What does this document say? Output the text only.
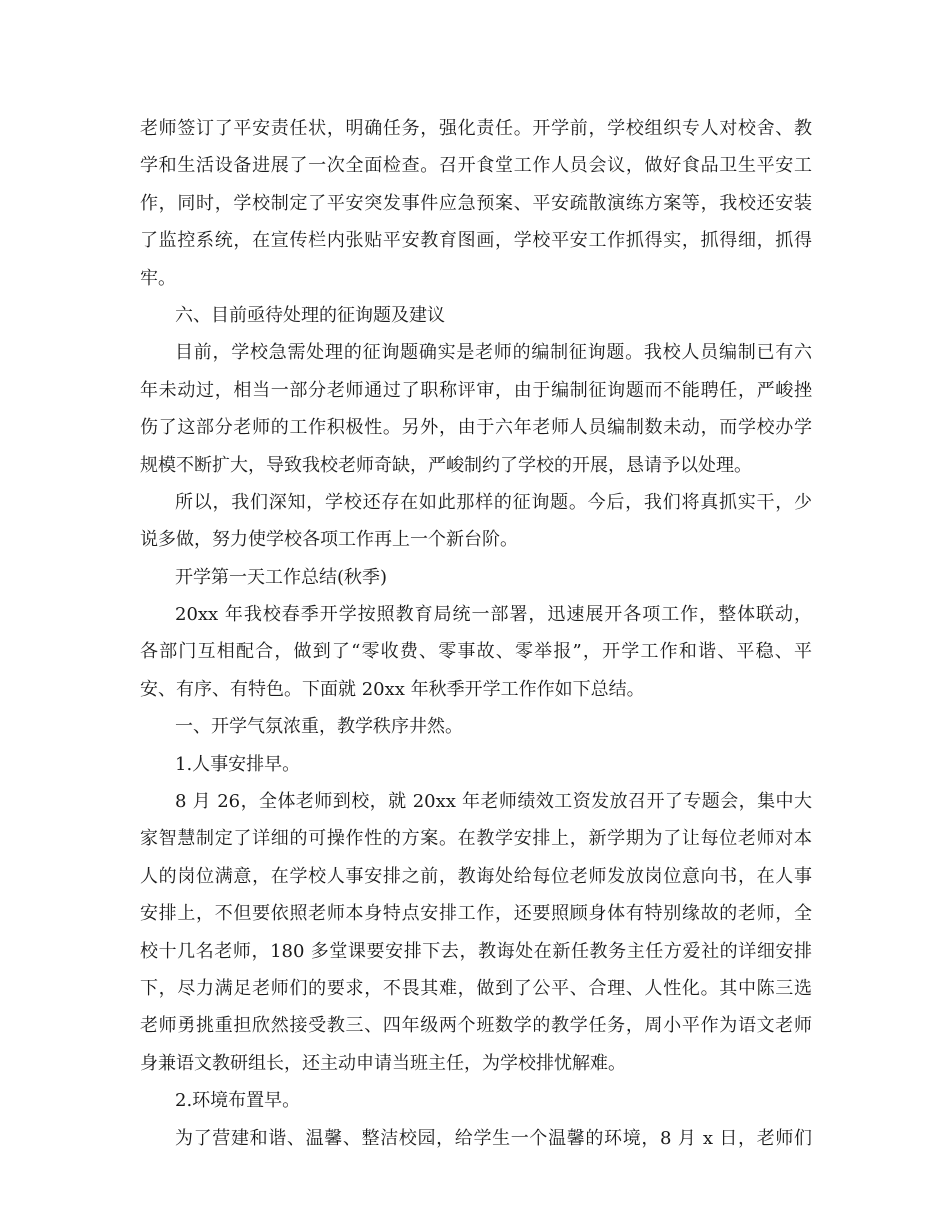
老师签订了平安责任状，明确任务，强化责任。开学前，学校组织专人对校舍、教
学和生活设备进展了一次全面检查。召开食堂工作人员会议，做好食品卫生平安工
作，同时，学校制定了平安突发事件应急预案、平安疏散演练方案等，我校还安装
了监控系统，在宣传栏内张贴平安教育图画，学校平安工作抓得实，抓得细，抓得
牢。
六、目前亟待处理的征询题及建议
目前，学校急需处理的征询题确实是老师的编制征询题。我校人员编制已有六
年未动过，相当一部分老师通过了职称评审，由于编制征询题而不能聘任，严峻挫
伤了这部分老师的工作积极性。另外，由于六年老师人员编制数未动，而学校办学
规模不断扩大，导致我校老师奇缺，严峻制约了学校的开展，恳请予以处理。
所以，我们深知，学校还存在如此那样的征询题。今后，我们将真抓实干，少
说多做，努力使学校各项工作再上一个新台阶。
开学第一天工作总结(秋季)
20xx 年我校春季开学按照教育局统一部署，迅速展开各项工作，整体联动，
各部门互相配合，做到了“零收费、零事故、零举报”，开学工作和谐、平稳、平
安、有序、有特色。下面就 20xx 年秋季开学工作作如下总结。
一、开学气氛浓重，教学秩序井然。
1.人事安排早。
8 月 26，全体老师到校，就 20xx 年老师绩效工资发放召开了专题会，集中大
家智慧制定了详细的可操作性的方案。在教学安排上，新学期为了让每位老师对本
人的岗位满意，在学校人事安排之前，教诲处给每位老师发放岗位意向书，在人事
安排上，不但要依照老师本身特点安排工作，还要照顾身体有特别缘故的老师，全
校十几名老师，180 多堂课要安排下去，教诲处在新任教务主任方爱社的详细安排
下，尽力满足老师们的要求，不畏其难，做到了公平、合理、人性化。其中陈三选
老师勇挑重担欣然接受教三、四年级两个班数学的教学任务，周小平作为语文老师
身兼语文教研组长，还主动申请当班主任，为学校排忧解难。
2.环境布置早。
为了营建和谐、温馨、整洁校园，给学生一个温馨的环境，8 月 x 日，老师们
